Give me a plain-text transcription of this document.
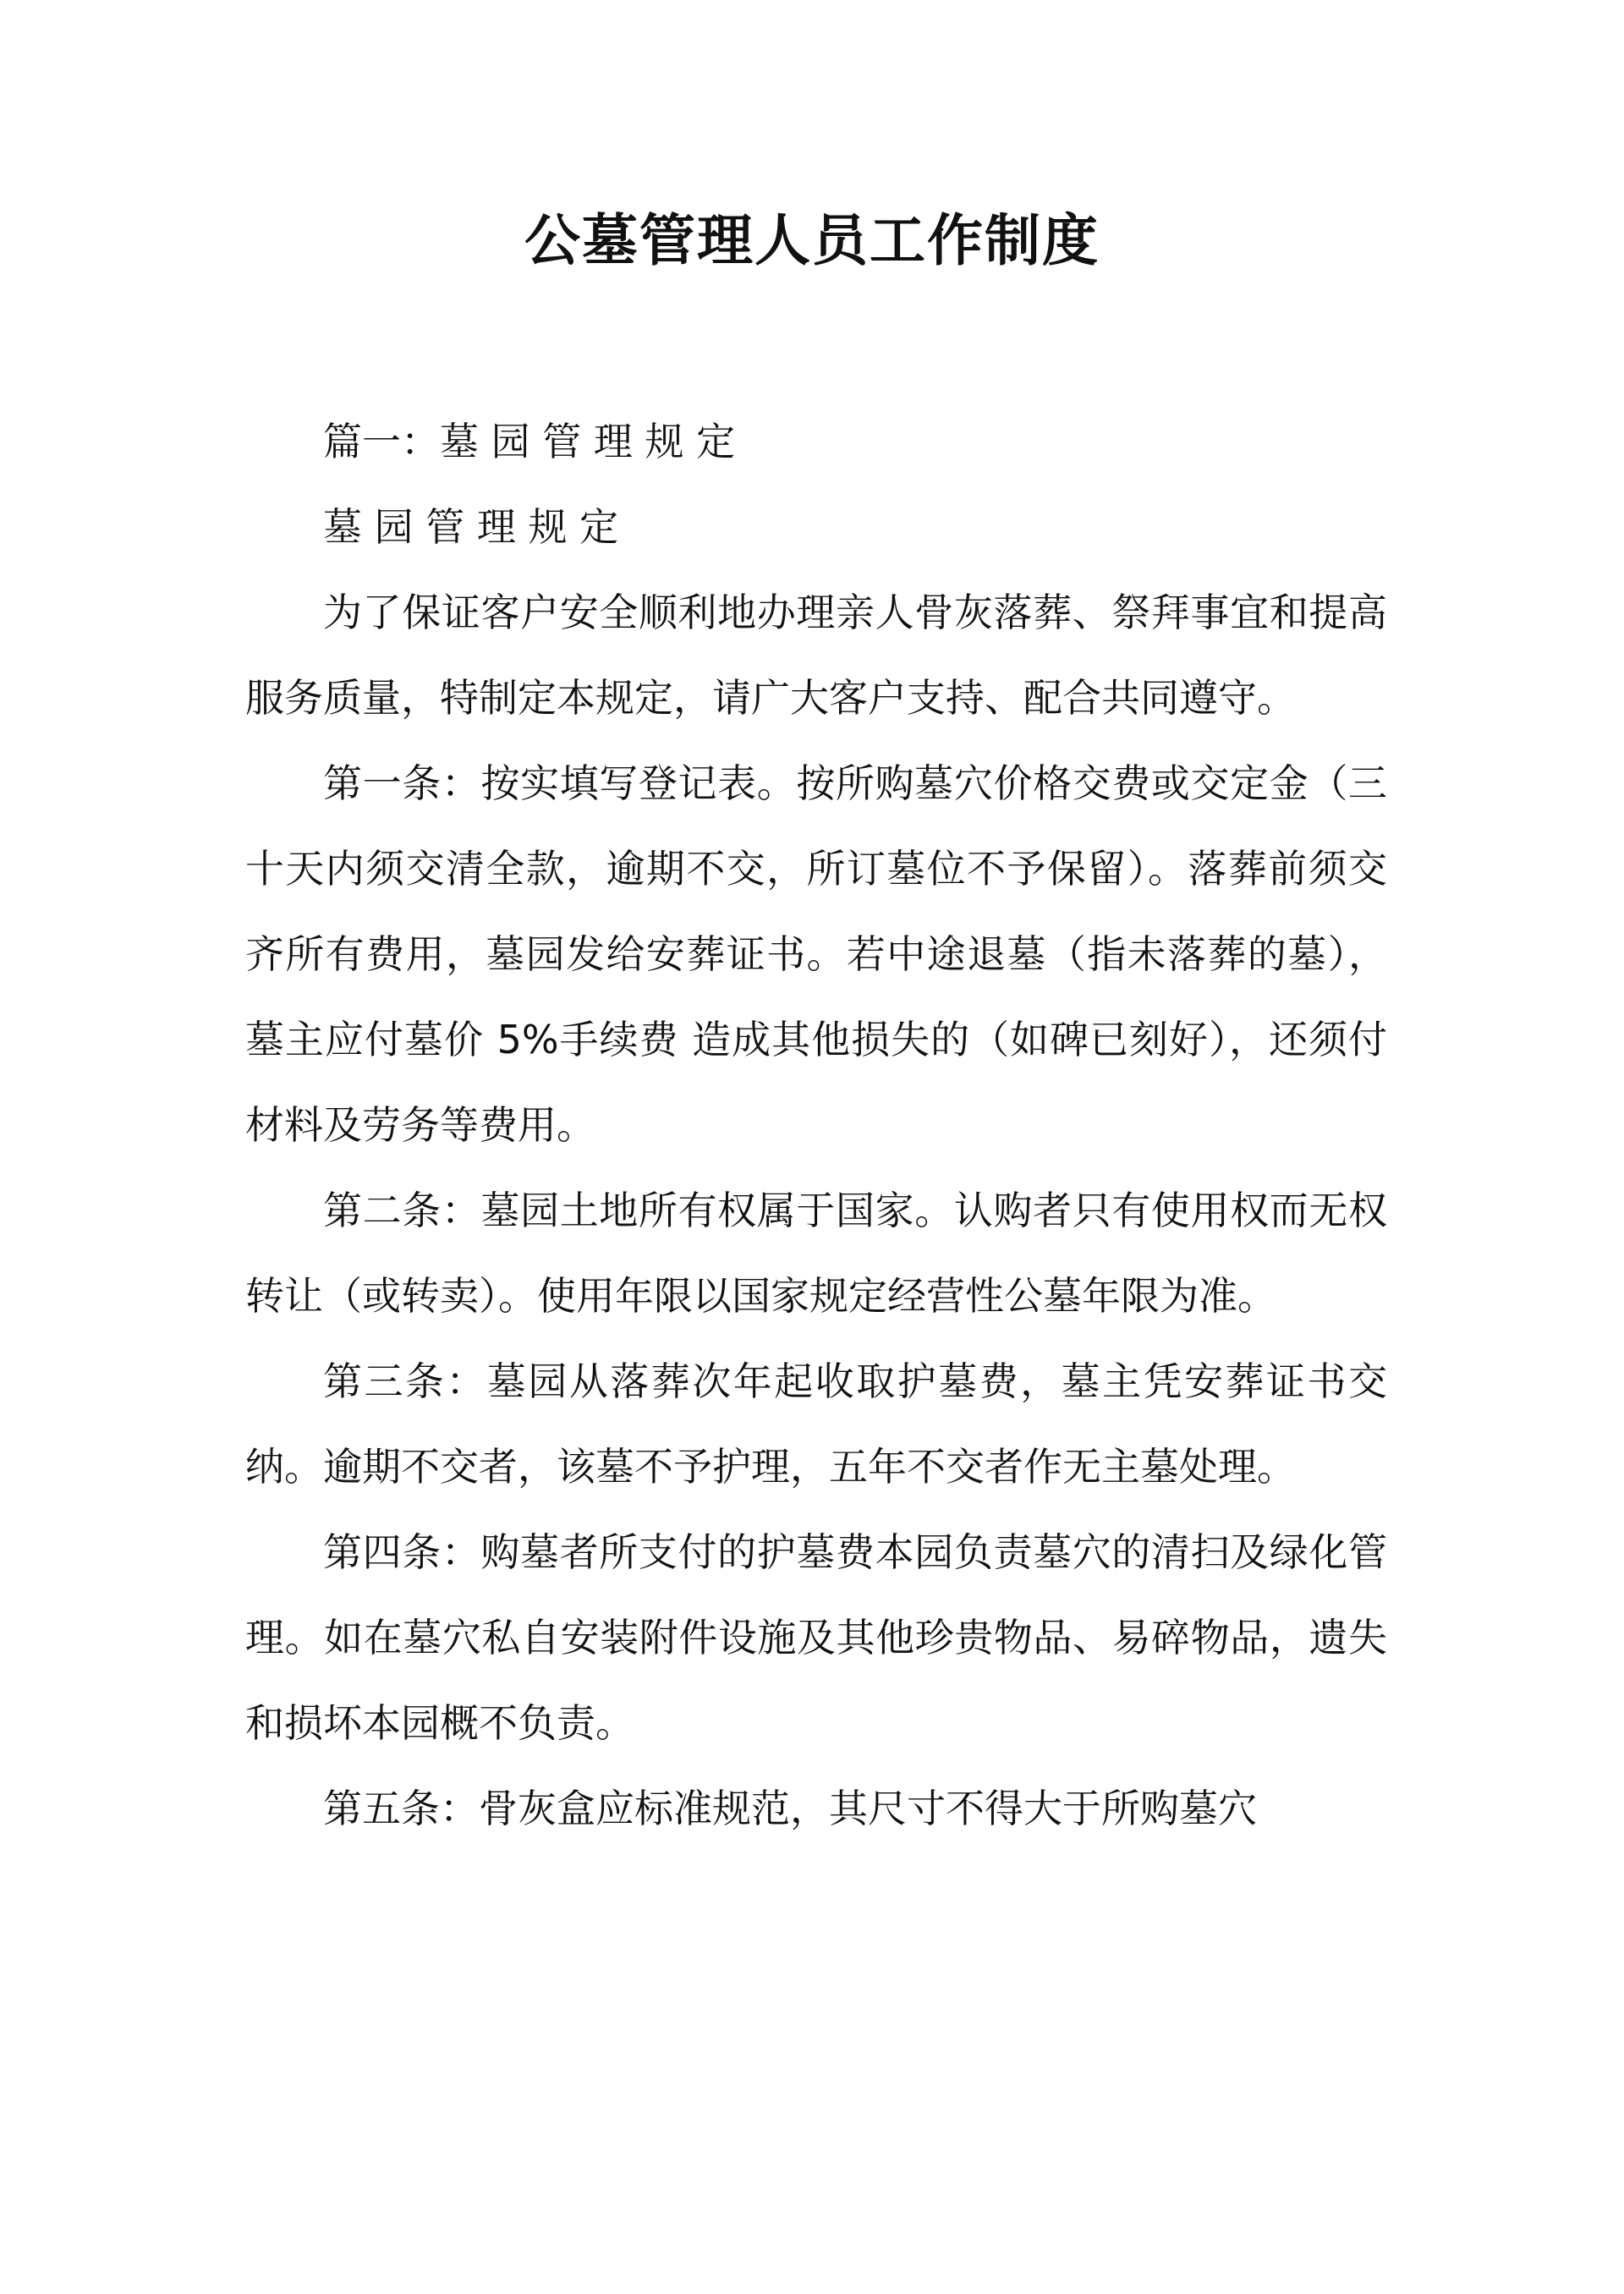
公墓管理人员工作制度

篇一：墓 园 管 理 规 定

墓 园 管 理 规 定

为了保证客户安全顺利地办理亲人骨灰落葬、祭拜事宜和提高服务质量，特制定本规定，请广大客户支持、配合共同遵守。

第一条：按实填写登记表。按所购墓穴价格交费或交定金（三十天内须交清全款，逾期不交，所订墓位不予保留）。落葬前须交齐所有费用，墓园发给安葬证书。若中途退墓（指未落葬的墓），墓主应付墓价 5%手续费 造成其他损失的（如碑已刻好），还须付材料及劳务等费用。

第二条：墓园土地所有权属于国家。认购者只有使用权而无权转让（或转卖）。使用年限以国家规定经营性公墓年限为准。

第三条：墓园从落葬次年起收取护墓费，墓主凭安葬证书交纳。逾期不交者，该墓不予护理，五年不交者作无主墓处理。

第四条：购墓者所支付的护墓费本园负责墓穴的清扫及绿化管理。如在墓穴私自安装附件设施及其他珍贵物品、易碎物品，遗失和损坏本园概不负责。

第五条：骨灰盒应标准规范，其尺寸不得大于所购墓穴
